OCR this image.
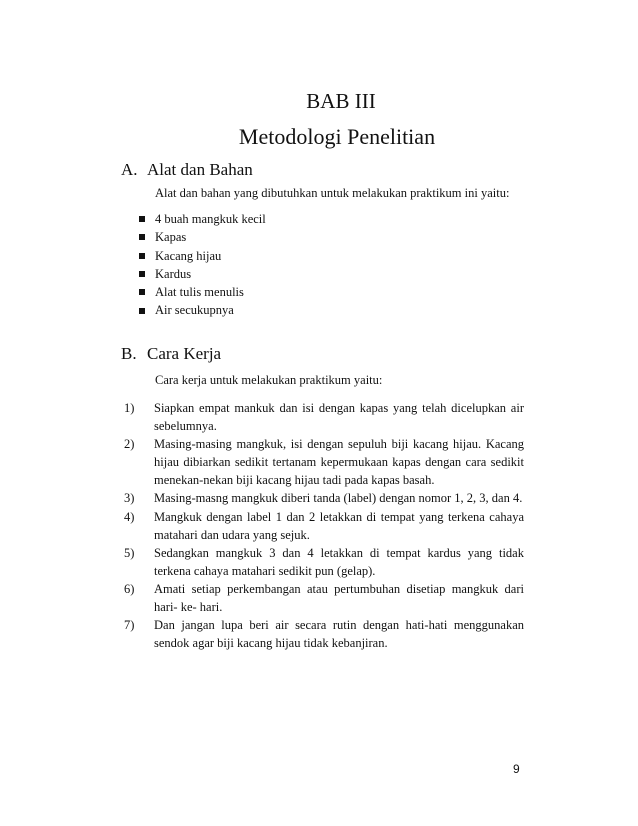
BAB III
Metodologi Penelitian
A. Alat dan Bahan
Alat dan bahan yang dibutuhkan untuk melakukan praktikum ini yaitu:
4 buah mangkuk kecil
Kapas
Kacang hijau
Kardus
Alat tulis menulis
Air secukupnya
B. Cara Kerja
Cara kerja untuk melakukan praktikum yaitu:
1)	Siapkan empat mankuk dan isi dengan kapas yang telah dicelupkan air sebelumnya.
2)	Masing-masing mangkuk, isi dengan sepuluh biji kacang hijau. Kacang hijau dibiarkan sedikit tertanam kepermukaan kapas dengan cara sedikit menekan-nekan biji kacang hijau tadi pada kapas basah.
3)	Masing-masng mangkuk diberi tanda (label) dengan nomor 1, 2, 3, dan 4.
4)	Mangkuk dengan label 1 dan 2 letakkan di tempat yang terkena cahaya matahari dan udara yang sejuk.
5)	Sedangkan mangkuk 3 dan 4 letakkan di tempat kardus yang tidak terkena cahaya matahari sedikit pun (gelap).
6)	Amati setiap perkembangan atau pertumbuhan disetiap mangkuk dari hari- ke- hari.
7)	Dan jangan lupa beri air secara rutin dengan hati-hati menggunakan sendok agar biji kacang hijau tidak kebanjiran.
9
